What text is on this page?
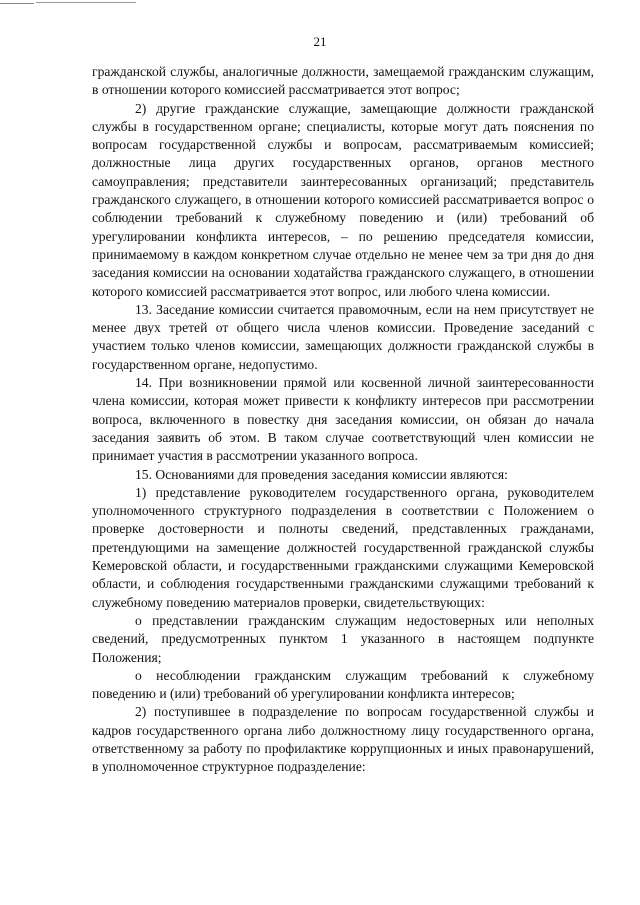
21

гражданской службы, аналогичные должности, замещаемой гражданским служащим, в отношении которого комиссией рассматривается этот вопрос;

2) другие гражданские служащие, замещающие должности гражданской службы в государственном органе; специалисты, которые могут дать пояснения по вопросам государственной службы и вопросам, рассматриваемым комиссией; должностные лица других государственных органов, органов местного самоуправления; представители заинтересованных организаций; представитель гражданского служащего, в отношении которого комиссией рассматривается вопрос о соблюдении требований к служебному поведению и (или) требований об урегулировании конфликта интересов, – по решению председателя комиссии, принимаемому в каждом конкретном случае отдельно не менее чем за три дня до дня заседания комиссии на основании ходатайства гражданского служащего, в отношении которого комиссией рассматривается этот вопрос, или любого члена комиссии.

13. Заседание комиссии считается правомочным, если на нем присутствует не менее двух третей от общего числа членов комиссии. Проведение заседаний с участием только членов комиссии, замещающих должности гражданской службы в государственном органе, недопустимо.

14. При возникновении прямой или косвенной личной заинтересованности члена комиссии, которая может привести к конфликту интересов при рассмотрении вопроса, включенного в повестку дня заседания комиссии, он обязан до начала заседания заявить об этом. В таком случае соответствующий член комиссии не принимает участия в рассмотрении указанного вопроса.

15. Основаниями для проведения заседания комиссии являются:

1) представление руководителем государственного органа, руководителем уполномоченного структурного подразделения в соответствии с Положением о проверке достоверности и полноты сведений, представленных гражданами, претендующими на замещение должностей государственной гражданской службы Кемеровской области, и государственными гражданскими служащими Кемеровской области, и соблюдения государственными гражданскими служащими требований к служебному поведению материалов проверки, свидетельствующих:

о представлении гражданским служащим недостоверных или неполных сведений, предусмотренных пунктом 1 указанного в настоящем подпункте Положения;

о несоблюдении гражданским служащим требований к служебному поведению и (или) требований об урегулировании конфликта интересов;

2) поступившее в подразделение по вопросам государственной службы и кадров государственного органа либо должностному лицу государственного органа, ответственному за работу по профилактике коррупционных и иных правонарушений, в уполномоченное структурное подразделение:
